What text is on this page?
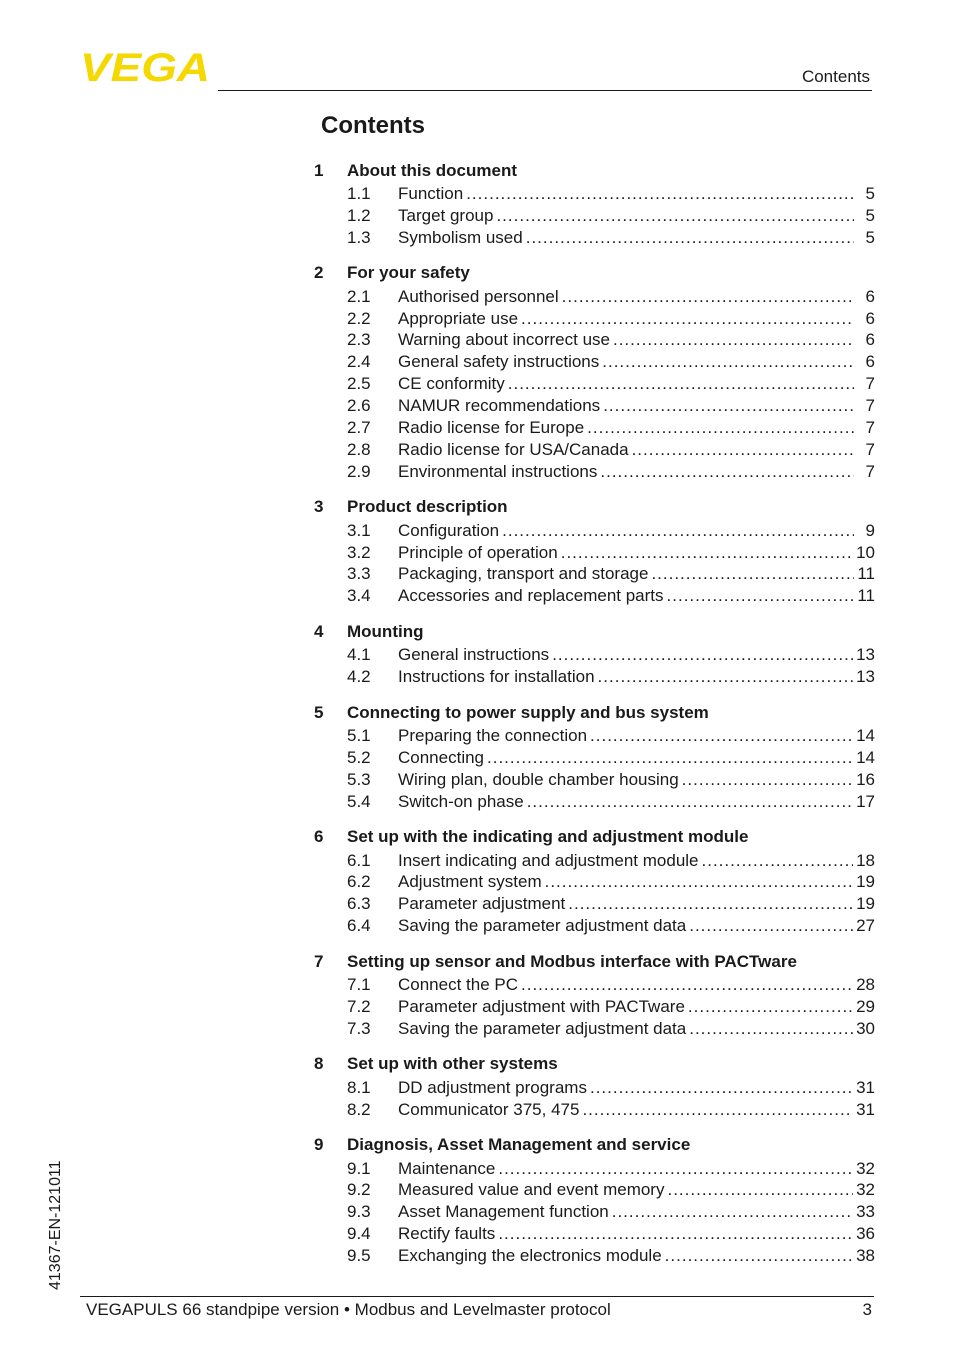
VEGA	Contents
Contents
1	About this document
1.1	Function .....	5
1.2	Target group .....	5
1.3	Symbolism used .....	5
2	For your safety
2.1	Authorised personnel .....	6
2.2	Appropriate use .....	6
2.3	Warning about incorrect use .....	6
2.4	General safety instructions .....	6
2.5	CE conformity .....	7
2.6	NAMUR recommendations .....	7
2.7	Radio license for Europe .....	7
2.8	Radio license for USA/Canada .....	7
2.9	Environmental instructions .....	7
3	Product description
3.1	Configuration .....	9
3.2	Principle of operation .....	10
3.3	Packaging, transport and storage .....	11
3.4	Accessories and replacement parts .....	11
4	Mounting
4.1	General instructions .....	13
4.2	Instructions for installation .....	13
5	Connecting to power supply and bus system
5.1	Preparing the connection .....	14
5.2	Connecting .....	14
5.3	Wiring plan, double chamber housing .....	16
5.4	Switch-on phase .....	17
6	Set up with the indicating and adjustment module
6.1	Insert indicating and adjustment module .....	18
6.2	Adjustment system .....	19
6.3	Parameter adjustment .....	19
6.4	Saving the parameter adjustment data .....	27
7	Setting up sensor and Modbus interface with PACTware
7.1	Connect the PC .....	28
7.2	Parameter adjustment with PACTware .....	29
7.3	Saving the parameter adjustment data .....	30
8	Set up with other systems
8.1	DD adjustment programs .....	31
8.2	Communicator 375, 475 .....	31
9	Diagnosis, Asset Management and service
9.1	Maintenance .....	32
9.2	Measured value and event memory .....	32
9.3	Asset Management function .....	33
9.4	Rectify faults .....	36
9.5	Exchanging the electronics module .....	38
41367-EN-121011
VEGAPULS 66 standpipe version • Modbus and Levelmaster protocol	3
